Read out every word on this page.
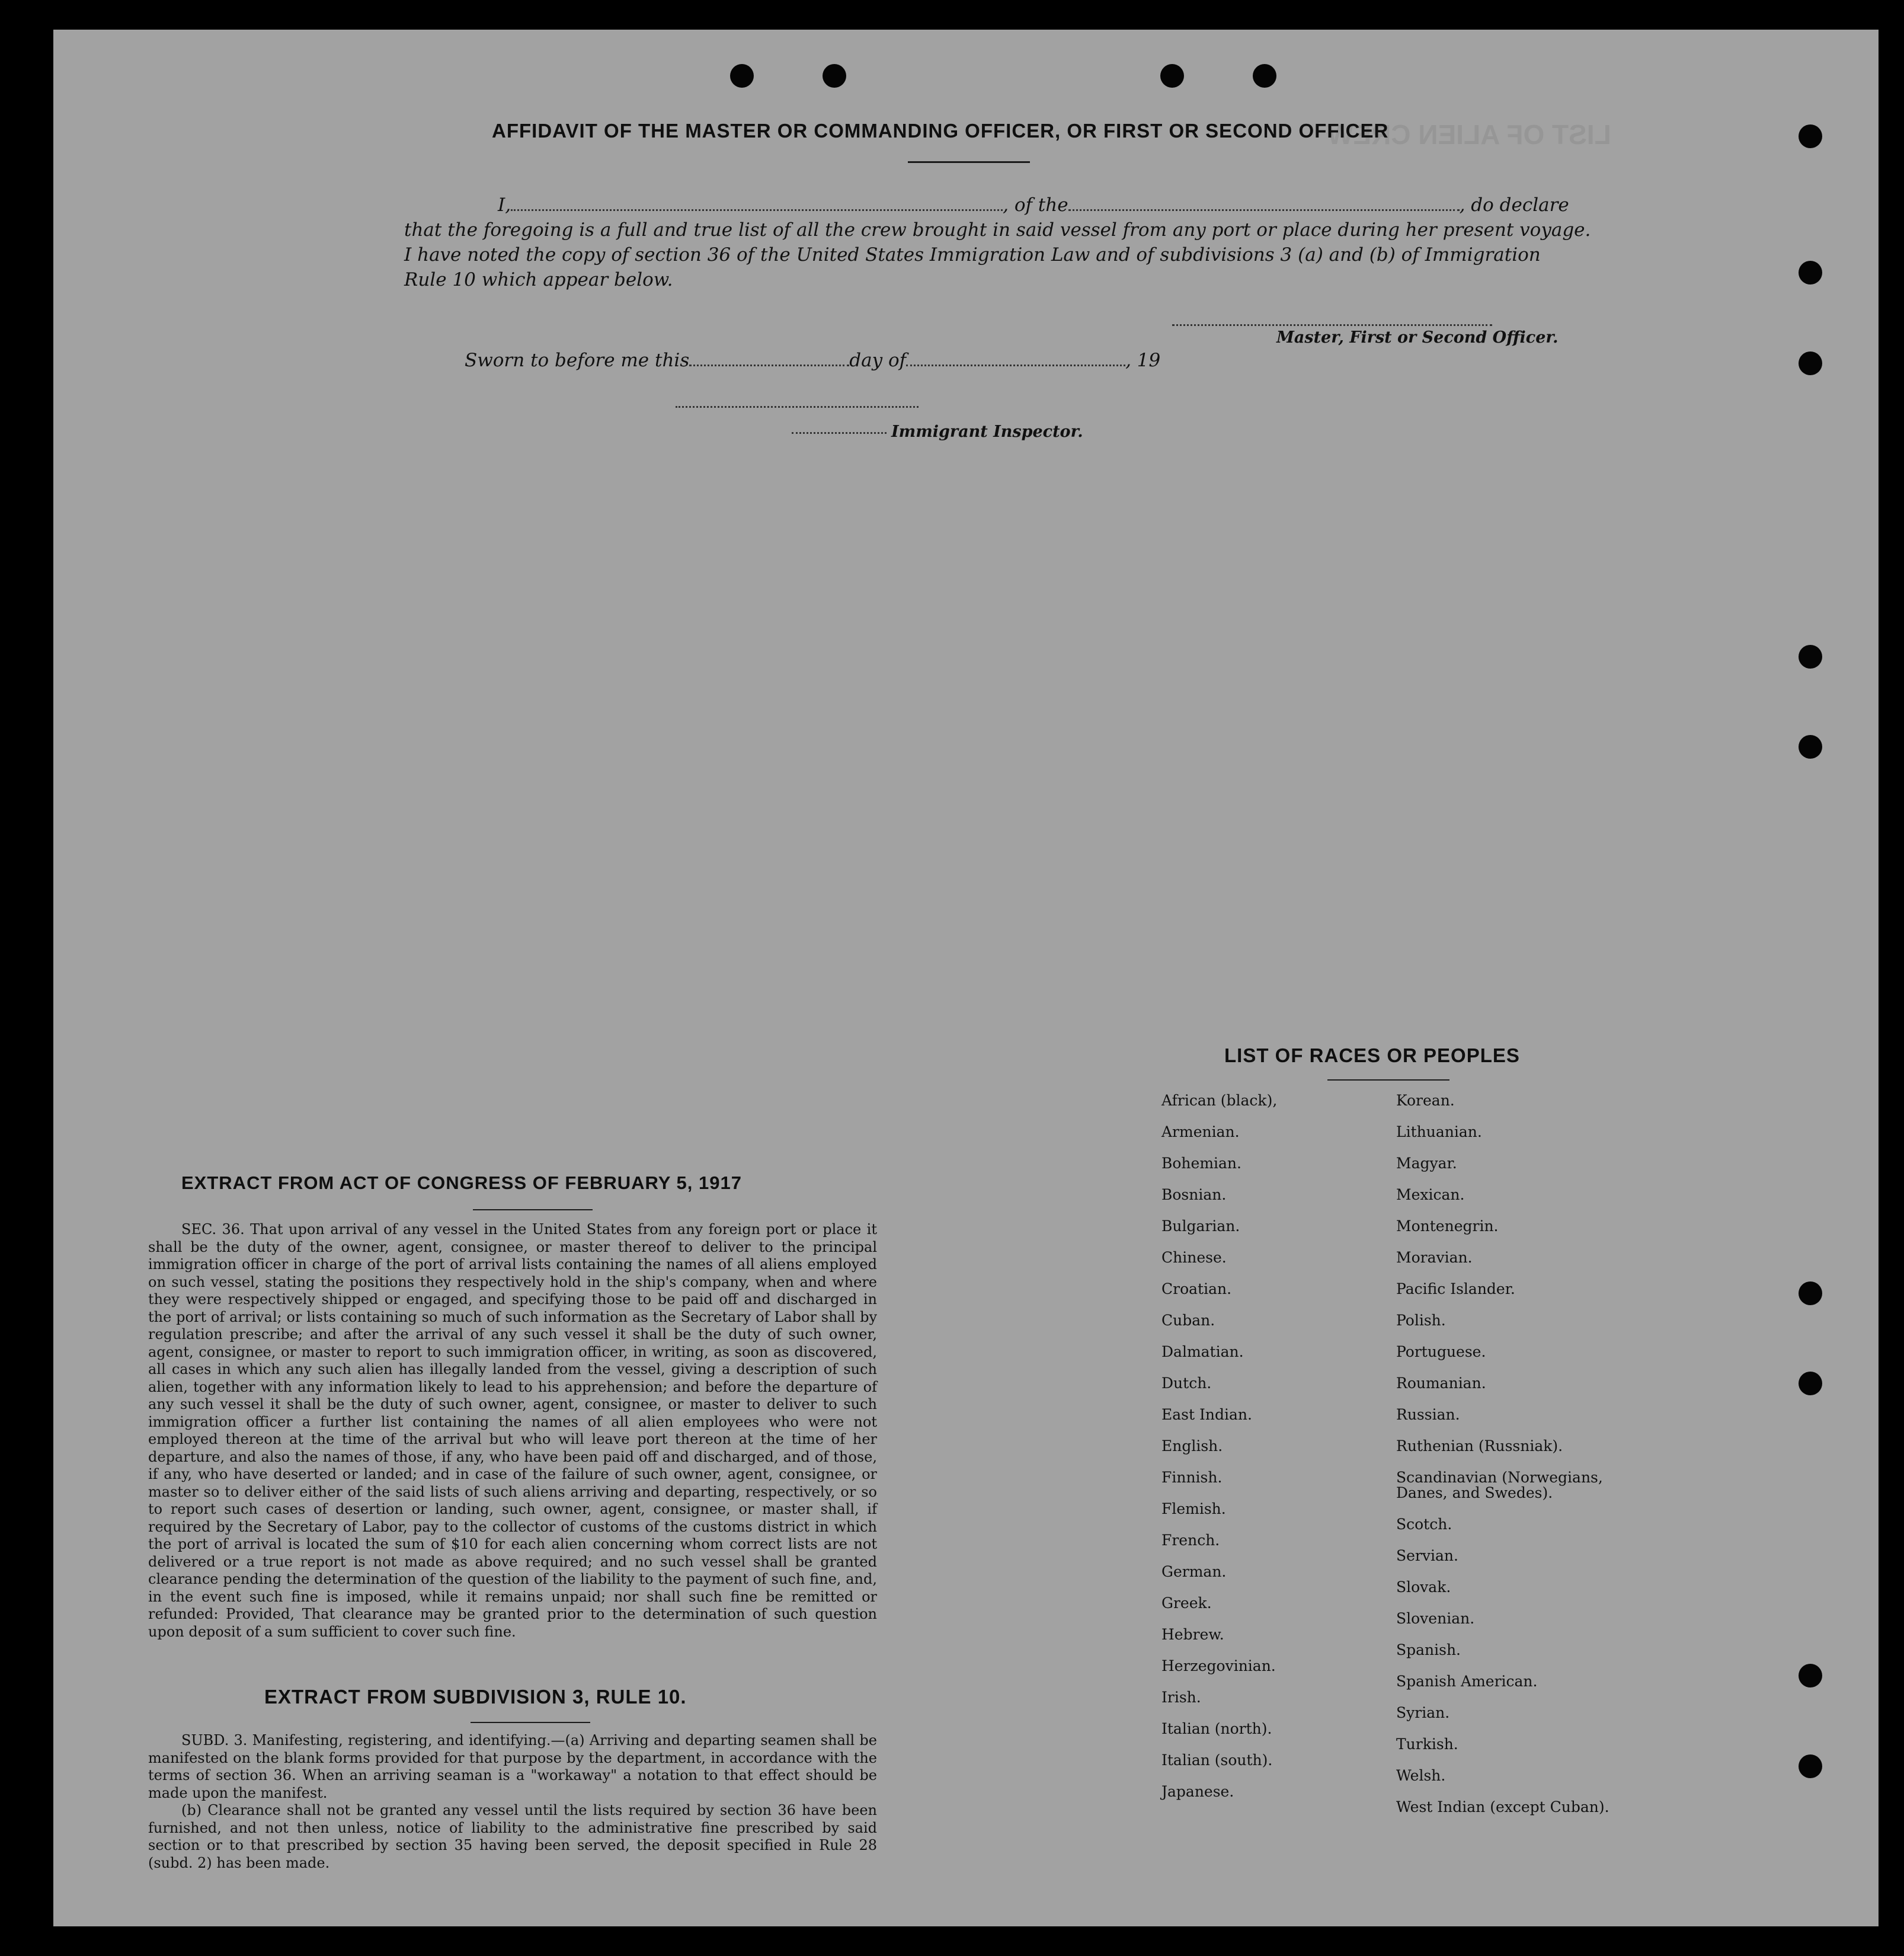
LIST OF ALIEN CREW
AFFIDAVIT OF THE MASTER OR COMMANDING OFFICER, OR FIRST OR SECOND OFFICER
I,	, of the	, do declare
that the foregoing is a full and true list of all the crew brought in said vessel from any port or place during her present voyage.
I have noted the copy of section 36 of the United States Immigration Law and of subdivisions 3 (a) and (b) of Immigration
Rule 10 which appear below.
Master, First or Second Officer.
Sworn to before me this	day of	, 19
Immigrant Inspector.
EXTRACT FROM ACT OF CONGRESS OF FEBRUARY 5, 1917

SEC. 36. That upon arrival of any vessel in the United States from any foreign port or place it shall be the duty of the owner, agent, consignee, or master thereof to deliver to the principal immigration officer in charge of the port of arrival lists containing the names of all aliens employed on such vessel, stating the positions they respectively hold in the ship's company, when and where they were respectively shipped or engaged, and specifying those to be paid off and discharged in the port of arrival; or lists containing so much of such information as the Secretary of Labor shall by regulation prescribe; and after the arrival of any such vessel it shall be the duty of such owner, agent, consignee, or master to report to such immigration officer, in writing, as soon as discovered, all cases in which any such alien has illegally landed from the vessel, giving a description of such alien, together with any information likely to lead to his apprehension; and before the departure of any such vessel it shall be the duty of such owner, agent, consignee, or master to deliver to such immigration officer a further list containing the names of all alien employees who were not employed thereon at the time of the arrival but who will leave port thereon at the time of her departure, and also the names of those, if any, who have been paid off and discharged, and of those, if any, who have deserted or landed; and in case of the failure of such owner, agent, consignee, or master so to deliver either of the said lists of such aliens arriving and departing, respectively, or so to report such cases of desertion or landing, such owner, agent, consignee, or master shall, if required by the Secretary of Labor, pay to the collector of customs of the customs district in which the port of arrival is located the sum of $10 for each alien concerning whom correct lists are not delivered or a true report is not made as above required; and no such vessel shall be granted clearance pending the determination of the question of the liability to the payment of such fine, and, in the event such fine is imposed, while it remains unpaid; nor shall such fine be remitted or refunded: Provided, That clearance may be granted prior to the determination of such question upon deposit of a sum sufficient to cover such fine.

EXTRACT FROM SUBDIVISION 3, RULE 10.

SUBD. 3. Manifesting, registering, and identifying.—(a) Arriving and departing seamen shall be manifested on the blank forms provided for that purpose by the department, in accordance with the terms of section 36. When an arriving seaman is a "workaway" a notation to that effect should be made upon the manifest.

(b) Clearance shall not be granted any vessel until the lists required by section 36 have been furnished, and not then unless, notice of liability to the administrative fine prescribed by said section or to that prescribed by section 35 having been served, the deposit specified in Rule 28 (subd. 2) has been made.

LIST OF RACES OR PEOPLES
African (black),
Armenian.
Bohemian.
Bosnian.
Bulgarian.
Chinese.
Croatian.
Cuban.
Dalmatian.
Dutch.
East Indian.
English.
Finnish.
Flemish.
French.
German.
Greek.
Hebrew.
Herzegovinian.
Irish.
Italian (north).
Italian (south).
Japanese.
Korean.
Lithuanian.
Magyar.
Mexican.
Montenegrin.
Moravian.
Pacific Islander.
Polish.
Portuguese.
Roumanian.
Russian.
Ruthenian (Russniak).
Scandinavian (Norwegians,
Danes, and Swedes).
Scotch.
Servian.
Slovak.
Slovenian.
Spanish.
Spanish American.
Syrian.
Turkish.
Welsh.
West Indian (except Cuban).
